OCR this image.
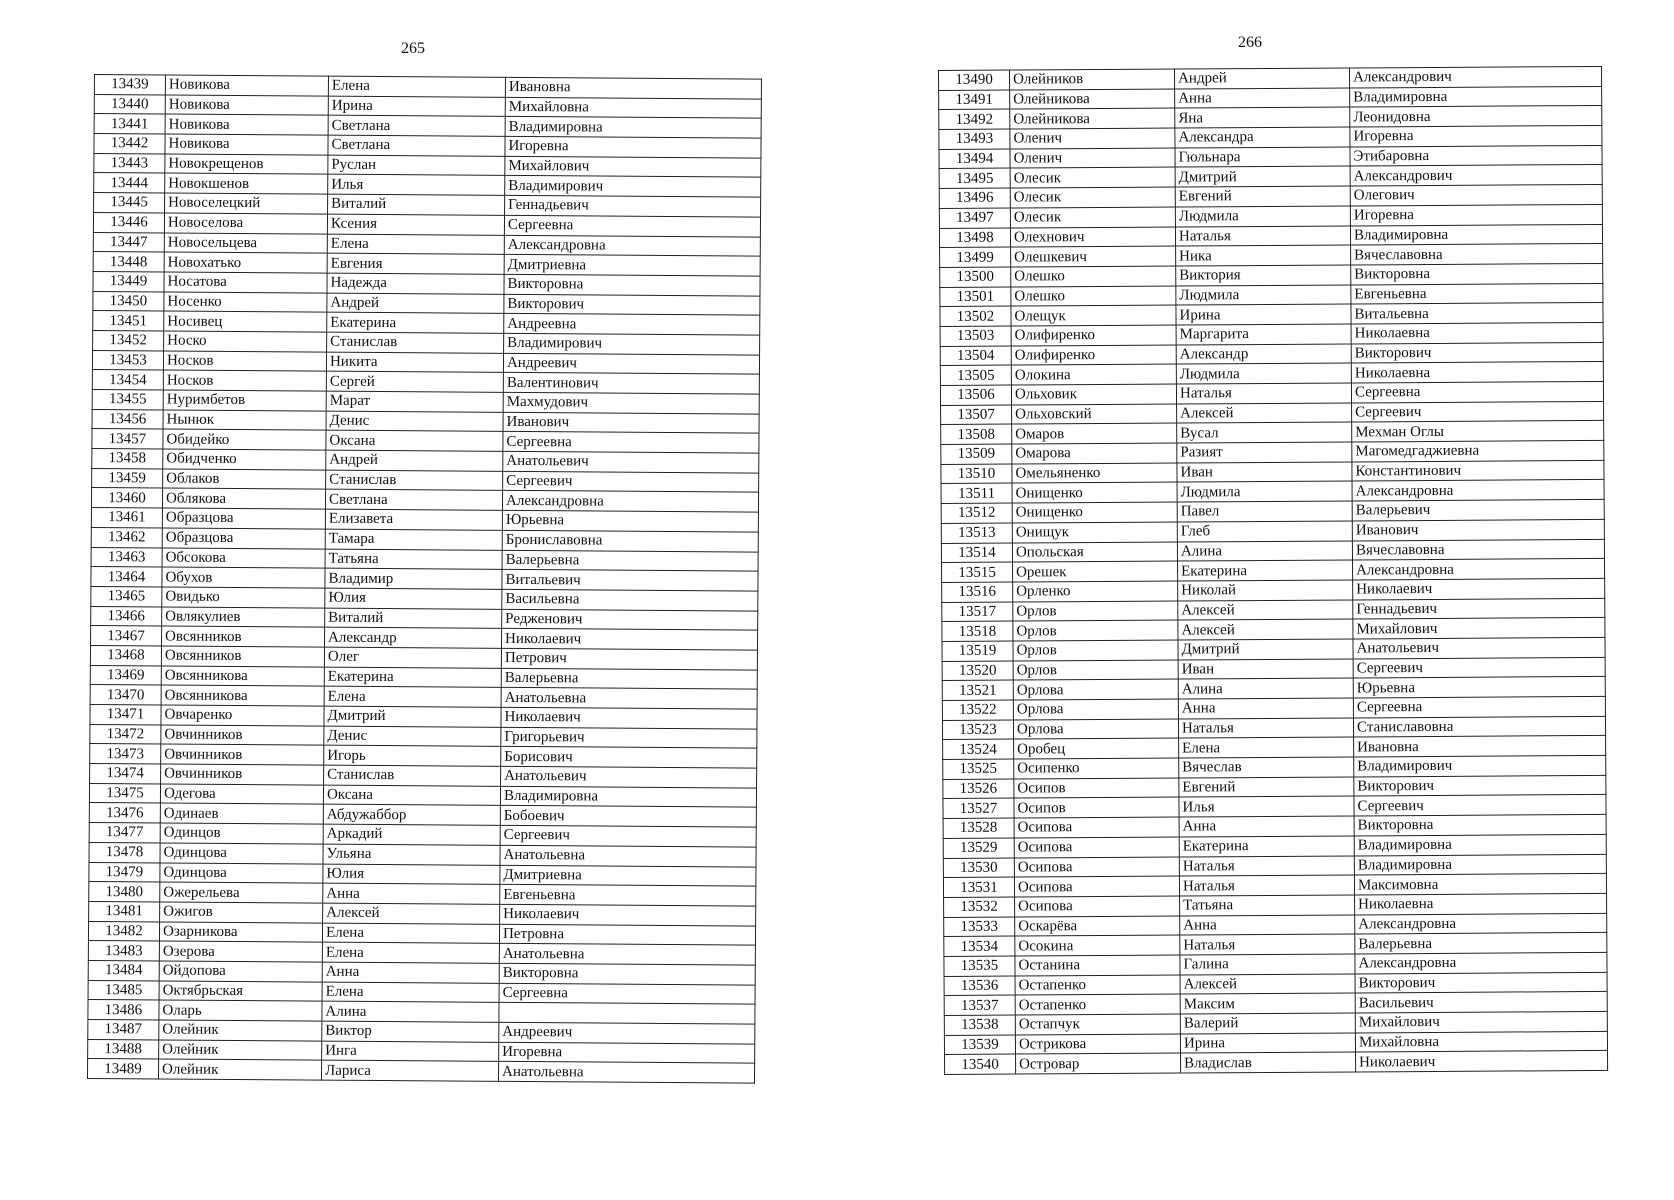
265	266
13439	Новикова	Елена	Ивановна
13440	Новикова	Ирина	Михайловна
13441	Новикова	Светлана	Владимировна
13442	Новикова	Светлана	Игоревна
13443	Новокрещенов	Руслан	Михайлович
13444	Новокшенов	Илья	Владимирович
13445	Новоселецкий	Виталий	Геннадьевич
13446	Новоселова	Ксения	Сергеевна
13447	Новосельцева	Елена	Александровна
13448	Новохатько	Евгения	Дмитриевна
13449	Носатова	Надежда	Викторовна
13450	Носенко	Андрей	Викторович
13451	Носивец	Екатерина	Андреевна
13452	Носко	Станислав	Владимирович
13453	Носков	Никита	Андреевич
13454	Носков	Сергей	Валентинович
13455	Нуримбетов	Марат	Махмудович
13456	Нынюк	Денис	Иванович
13457	Обидейко	Оксана	Сергеевна
13458	Обидченко	Андрей	Анатольевич
13459	Облаков	Станислав	Сергеевич
13460	Облякова	Светлана	Александровна
13461	Образцова	Елизавета	Юрьевна
13462	Образцова	Тамара	Брониславовна
13463	Обсокова	Татьяна	Валерьевна
13464	Обухов	Владимир	Витальевич
13465	Овидько	Юлия	Васильевна
13466	Овлякулиев	Виталий	Редженович
13467	Овсянников	Александр	Николаевич
13468	Овсянников	Олег	Петрович
13469	Овсянникова	Екатерина	Валерьевна
13470	Овсянникова	Елена	Анатольевна
13471	Овчаренко	Дмитрий	Николаевич
13472	Овчинников	Денис	Григорьевич
13473	Овчинников	Игорь	Борисович
13474	Овчинников	Станислав	Анатольевич
13475	Одегова	Оксана	Владимировна
13476	Одинаев	Абдужаббор	Бобоевич
13477	Одинцов	Аркадий	Сергеевич
13478	Одинцова	Ульяна	Анатольевна
13479	Одинцова	Юлия	Дмитриевна
13480	Ожерельева	Анна	Евгеньевна
13481	Ожигов	Алексей	Николаевич
13482	Озарникова	Елена	Петровна
13483	Озерова	Елена	Анатольевна
13484	Ойдопова	Анна	Викторовна
13485	Октябрьская	Елена	Сергеевна
13486	Оларь	Алина	
13487	Олейник	Виктор	Андреевич
13488	Олейник	Инга	Игоревна
13489	Олейник	Лариса	Анатольевна
13490	Олейников	Андрей	Александрович
13491	Олейникова	Анна	Владимировна
13492	Олейникова	Яна	Леонидовна
13493	Оленич	Александра	Игоревна
13494	Оленич	Гюльнара	Этибаровна
13495	Олесик	Дмитрий	Александрович
13496	Олесик	Евгений	Олегович
13497	Олесик	Людмила	Игоревна
13498	Олехнович	Наталья	Владимировна
13499	Олешкевич	Ника	Вячеславовна
13500	Олешко	Виктория	Викторовна
13501	Олешко	Людмила	Евгеньевна
13502	Олещук	Ирина	Витальевна
13503	Олифиренко	Маргарита	Николаевна
13504	Олифиренко	Александр	Викторович
13505	Олокина	Людмила	Николаевна
13506	Ольховик	Наталья	Сергеевна
13507	Ольховский	Алексей	Сергеевич
13508	Омаров	Вусал	Мехман Оглы
13509	Омарова	Разият	Магомедгаджиевна
13510	Омельяненко	Иван	Константинович
13511	Онищенко	Людмила	Александровна
13512	Онищенко	Павел	Валерьевич
13513	Онищук	Глеб	Иванович
13514	Опольская	Алина	Вячеславовна
13515	Орешек	Екатерина	Александровна
13516	Орленко	Николай	Николаевич
13517	Орлов	Алексей	Геннадьевич
13518	Орлов	Алексей	Михайлович
13519	Орлов	Дмитрий	Анатольевич
13520	Орлов	Иван	Сергеевич
13521	Орлова	Алина	Юрьевна
13522	Орлова	Анна	Сергеевна
13523	Орлова	Наталья	Станиславовна
13524	Оробец	Елена	Ивановна
13525	Осипенко	Вячеслав	Владимирович
13526	Осипов	Евгений	Викторович
13527	Осипов	Илья	Сергеевич
13528	Осипова	Анна	Викторовна
13529	Осипова	Екатерина	Владимировна
13530	Осипова	Наталья	Владимировна
13531	Осипова	Наталья	Максимовна
13532	Осипова	Татьяна	Николаевна
13533	Оскарёва	Анна	Александровна
13534	Осокина	Наталья	Валерьевна
13535	Останина	Галина	Александровна
13536	Остапенко	Алексей	Викторович
13537	Остапенко	Максим	Васильевич
13538	Остапчук	Валерий	Михайлович
13539	Острикова	Ирина	Михайловна
13540	Островар	Владислав	Николаевич
